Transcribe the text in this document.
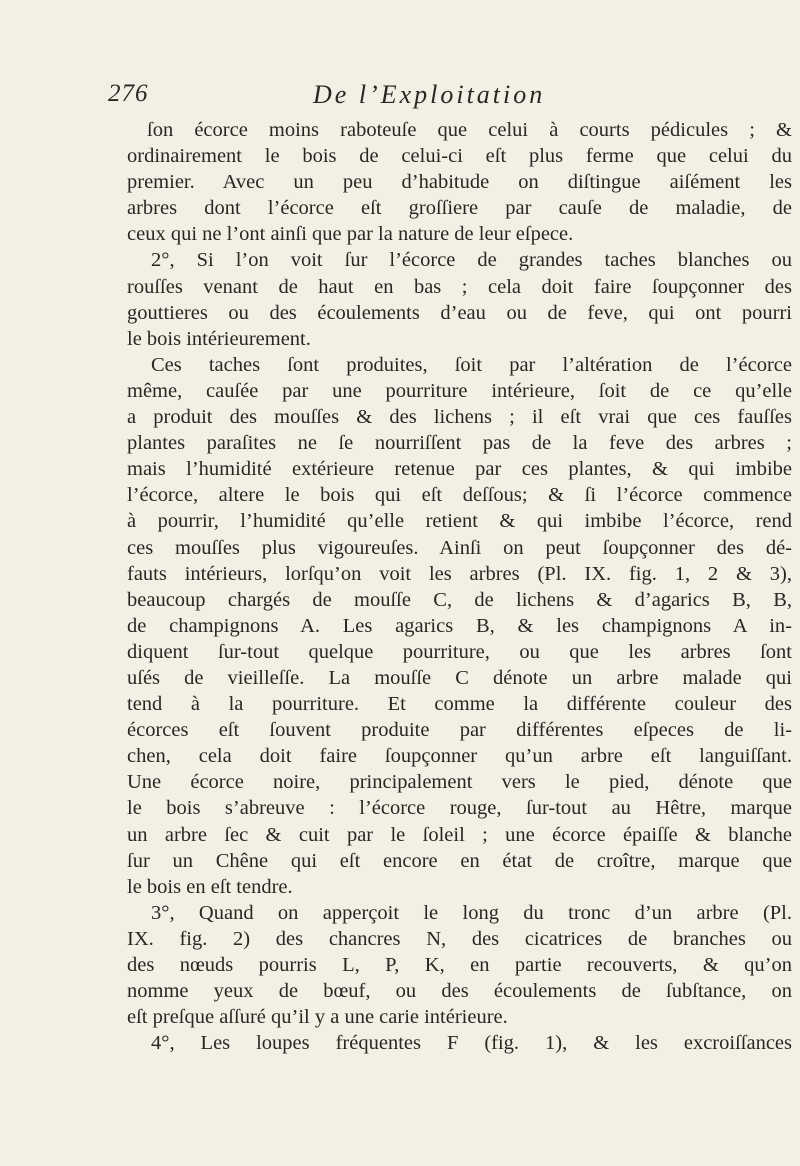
276	De l’Exploitation
ſon écorce moins raboteuſe que celui à courts pédicules ; &
ordinairement le bois de celui-ci eſt plus ferme que celui du
premier. Avec un peu d’habitude on diſtingue aiſément les
arbres dont l’écorce eſt groſſiere par cauſe de maladie, de
ceux qui ne l’ont ainſi que par la nature de leur eſpece.
2°, Si l’on voit ſur l’écorce de grandes taches blanches ou
rouſſes venant de haut en bas ; cela doit faire ſoupçonner des
gouttieres ou des écoulements d’eau ou de feve, qui ont pourri
le bois intérieurement.
Ces taches ſont produites, ſoit par l’altération de l’écorce
même, cauſée par une pourriture intérieure, ſoit de ce qu’elle
a produit des mouſſes & des lichens ; il eſt vrai que ces fauſſes
plantes paraſites ne ſe nourriſſent pas de la feve des arbres ;
mais l’humidité extérieure retenue par ces plantes, & qui imbibe
l’écorce, altere le bois qui eſt deſſous; & ſi l’écorce commence
à pourrir, l’humidité qu’elle retient & qui imbibe l’écorce, rend
ces mouſſes plus vigoureuſes. Ainſi on peut ſoupçonner des dé-
fauts intérieurs, lorſqu’on voit les arbres (Pl. IX. fig. 1, 2 & 3),
beaucoup chargés de mouſſe C, de lichens & d’agarics B, B,
de champignons A. Les agarics B, & les champignons A in-
diquent ſur-tout quelque pourriture, ou que les arbres ſont
uſés de vieilleſſe. La mouſſe C dénote un arbre malade qui
tend à la pourriture. Et comme la différente couleur des
écorces eſt ſouvent produite par différentes eſpeces de li-
chen, cela doit faire ſoupçonner qu’un arbre eſt languiſſant.
Une écorce noire, principalement vers le pied, dénote que
le bois s’abreuve : l’écorce rouge, ſur-tout au Hêtre, marque
un arbre ſec & cuit par le ſoleil ; une écorce épaiſſe & blanche
ſur un Chêne qui eſt encore en état de croître, marque que
le bois en eſt tendre.
3°, Quand on apperçoit le long du tronc d’un arbre (Pl.
IX. fig. 2) des chancres N, des cicatrices de branches ou
des nœuds pourris L, P, K, en partie recouverts, & qu’on
nomme yeux de bœuf, ou des écoulements de ſubſtance, on
eſt preſque aſſuré qu’il y a une carie intérieure.
4°, Les loupes fréquentes F (fig. 1), & les excroiſſances
